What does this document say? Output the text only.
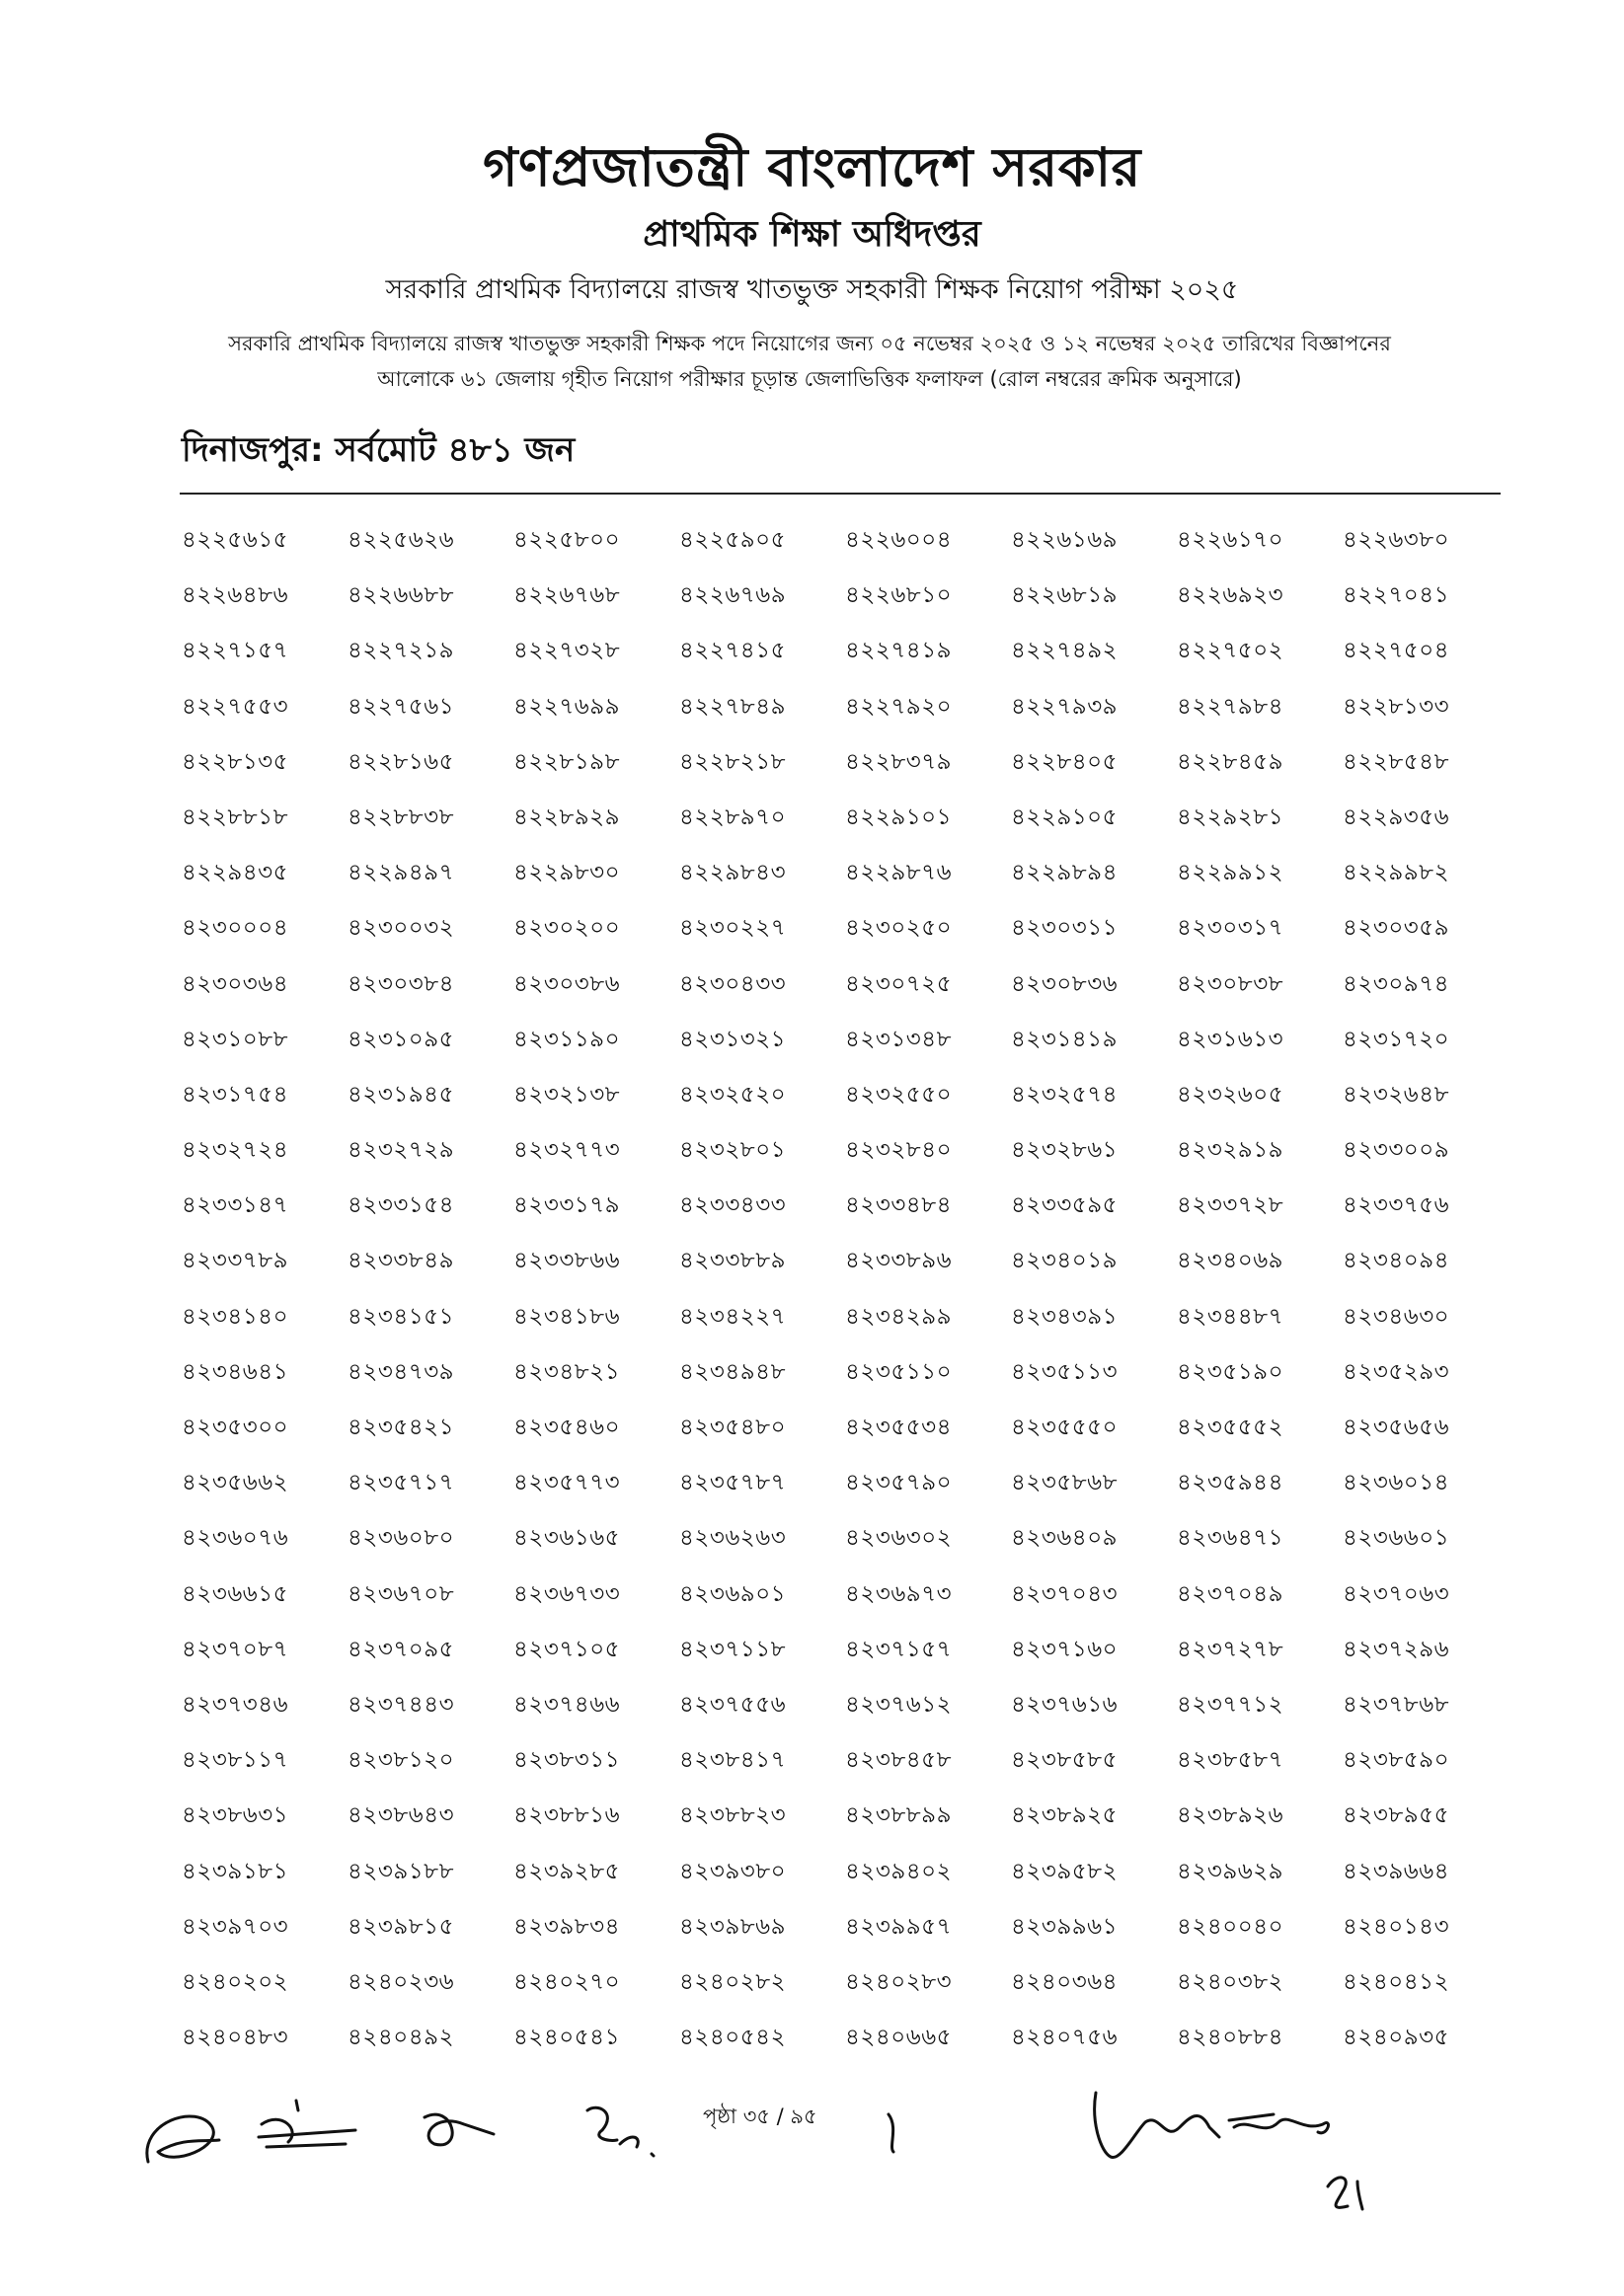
গণপ্রজাতন্ত্রী বাংলাদেশ সরকার
প্রাথমিক শিক্ষা অধিদপ্তর
সরকারি প্রাথমিক বিদ্যালয়ে রাজস্ব খাতভুক্ত সহকারী শিক্ষক নিয়োগ পরীক্ষা ২০২৫
সরকারি প্রাথমিক বিদ্যালয়ে রাজস্ব খাতভুক্ত সহকারী শিক্ষক পদে নিয়োগের জন্য ০৫ নভেম্বর ২০২৫ ও ১২ নভেম্বর ২০২৫ তারিখের বিজ্ঞাপনের
আলোকে ৬১ জেলায় গৃহীত নিয়োগ পরীক্ষার চূড়ান্ত জেলাভিত্তিক ফলাফল (রোল নম্বরের ক্রমিক অনুসারে)
দিনাজপুর: সর্বমোট ৪৮১ জন
৪২২৫৬১৫	৪২২৫৬২৬	৪২২৫৮০০	৪২২৫৯০৫	৪২২৬০০৪	৪২২৬১৬৯	৪২২৬১৭০	৪২২৬৩৮০
৪২২৬৪৮৬	৪২২৬৬৮৮	৪২২৬৭৬৮	৪২২৬৭৬৯	৪২২৬৮১০	৪২২৬৮১৯	৪২২৬৯২৩	৪২২৭০৪১
৪২২৭১৫৭	৪২২৭২১৯	৪২২৭৩২৮	৪২২৭৪১৫	৪২২৭৪১৯	৪২২৭৪৯২	৪২২৭৫০২	৪২২৭৫০৪
৪২২৭৫৫৩	৪২২৭৫৬১	৪২২৭৬৯৯	৪২২৭৮৪৯	৪২২৭৯২০	৪২২৭৯৩৯	৪২২৭৯৮৪	৪২২৮১৩৩
৪২২৮১৩৫	৪২২৮১৬৫	৪২২৮১৯৮	৪২২৮২১৮	৪২২৮৩৭৯	৪২২৮৪০৫	৪২২৮৪৫৯	৪২২৮৫৪৮
৪২২৮৮১৮	৪২২৮৮৩৮	৪২২৮৯২৯	৪২২৮৯৭০	৪২২৯১০১	৪২২৯১০৫	৪২২৯২৮১	৪২২৯৩৫৬
৪২২৯৪৩৫	৪২২৯৪৯৭	৪২২৯৮৩০	৪২২৯৮৪৩	৪২২৯৮৭৬	৪২২৯৮৯৪	৪২২৯৯১২	৪২২৯৯৮২
৪২৩০০০৪	৪২৩০০৩২	৪২৩০২০০	৪২৩০২২৭	৪২৩০২৫০	৪২৩০৩১১	৪২৩০৩১৭	৪২৩০৩৫৯
৪২৩০৩৬৪	৪২৩০৩৮৪	৪২৩০৩৮৬	৪২৩০৪৩৩	৪২৩০৭২৫	৪২৩০৮৩৬	৪২৩০৮৩৮	৪২৩০৯৭৪
৪২৩১০৮৮	৪২৩১০৯৫	৪২৩১১৯০	৪২৩১৩২১	৪২৩১৩৪৮	৪২৩১৪১৯	৪২৩১৬১৩	৪২৩১৭২০
৪২৩১৭৫৪	৪২৩১৯৪৫	৪২৩২১৩৮	৪২৩২৫২০	৪২৩২৫৫০	৪২৩২৫৭৪	৪২৩২৬০৫	৪২৩২৬৪৮
৪২৩২৭২৪	৪২৩২৭২৯	৪২৩২৭৭৩	৪২৩২৮০১	৪২৩২৮৪০	৪২৩২৮৬১	৪২৩২৯১৯	৪২৩৩০০৯
৪২৩৩১৪৭	৪২৩৩১৫৪	৪২৩৩১৭৯	৪২৩৩৪৩৩	৪২৩৩৪৮৪	৪২৩৩৫৯৫	৪২৩৩৭২৮	৪২৩৩৭৫৬
৪২৩৩৭৮৯	৪২৩৩৮৪৯	৪২৩৩৮৬৬	৪২৩৩৮৮৯	৪২৩৩৮৯৬	৪২৩৪০১৯	৪২৩৪০৬৯	৪২৩৪০৯৪
৪২৩৪১৪০	৪২৩৪১৫১	৪২৩৪১৮৬	৪২৩৪২২৭	৪২৩৪২৯৯	৪২৩৪৩৯১	৪২৩৪৪৮৭	৪২৩৪৬৩০
৪২৩৪৬৪১	৪২৩৪৭৩৯	৪২৩৪৮২১	৪২৩৪৯৪৮	৪২৩৫১১০	৪২৩৫১১৩	৪২৩৫১৯০	৪২৩৫২৯৩
৪২৩৫৩০০	৪২৩৫৪২১	৪২৩৫৪৬০	৪২৩৫৪৮০	৪২৩৫৫৩৪	৪২৩৫৫৫০	৪২৩৫৫৫২	৪২৩৫৬৫৬
৪২৩৫৬৬২	৪২৩৫৭১৭	৪২৩৫৭৭৩	৪২৩৫৭৮৭	৪২৩৫৭৯০	৪২৩৫৮৬৮	৪২৩৫৯৪৪	৪২৩৬০১৪
৪২৩৬০৭৬	৪২৩৬০৮০	৪২৩৬১৬৫	৪২৩৬২৬৩	৪২৩৬৩০২	৪২৩৬৪০৯	৪২৩৬৪৭১	৪২৩৬৬০১
৪২৩৬৬১৫	৪২৩৬৭০৮	৪২৩৬৭৩৩	৪২৩৬৯০১	৪২৩৬৯৭৩	৪২৩৭০৪৩	৪২৩৭০৪৯	৪২৩৭০৬৩
৪২৩৭০৮৭	৪২৩৭০৯৫	৪২৩৭১০৫	৪২৩৭১১৮	৪২৩৭১৫৭	৪২৩৭১৬০	৪২৩৭২৭৮	৪২৩৭২৯৬
৪২৩৭৩৪৬	৪২৩৭৪৪৩	৪২৩৭৪৬৬	৪২৩৭৫৫৬	৪২৩৭৬১২	৪২৩৭৬১৬	৪২৩৭৭১২	৪২৩৭৮৬৮
৪২৩৮১১৭	৪২৩৮১২০	৪২৩৮৩১১	৪২৩৮৪১৭	৪২৩৮৪৫৮	৪২৩৮৫৮৫	৪২৩৮৫৮৭	৪২৩৮৫৯০
৪২৩৮৬৩১	৪২৩৮৬৪৩	৪২৩৮৮১৬	৪২৩৮৮২৩	৪২৩৮৮৯৯	৪২৩৮৯২৫	৪২৩৮৯২৬	৪২৩৮৯৫৫
৪২৩৯১৮১	৪২৩৯১৮৮	৪২৩৯২৮৫	৪২৩৯৩৮০	৪২৩৯৪০২	৪২৩৯৫৮২	৪২৩৯৬২৯	৪২৩৯৬৬৪
৪২৩৯৭০৩	৪২৩৯৮১৫	৪২৩৯৮৩৪	৪২৩৯৮৬৯	৪২৩৯৯৫৭	৪২৩৯৯৬১	৪২৪০০৪০	৪২৪০১৪৩
৪২৪০২০২	৪২৪০২৩৬	৪২৪০২৭০	৪২৪০২৮২	৪২৪০২৮৩	৪২৪০৩৬৪	৪২৪০৩৮২	৪২৪০৪১২
৪২৪০৪৮৩	৪২৪০৪৯২	৪২৪০৫৪১	৪২৪০৫৪২	৪২৪০৬৬৫	৪২৪০৭৫৬	৪২৪০৮৮৪	৪২৪০৯৩৫
পৃষ্ঠা ৩৫ / ৯৫
